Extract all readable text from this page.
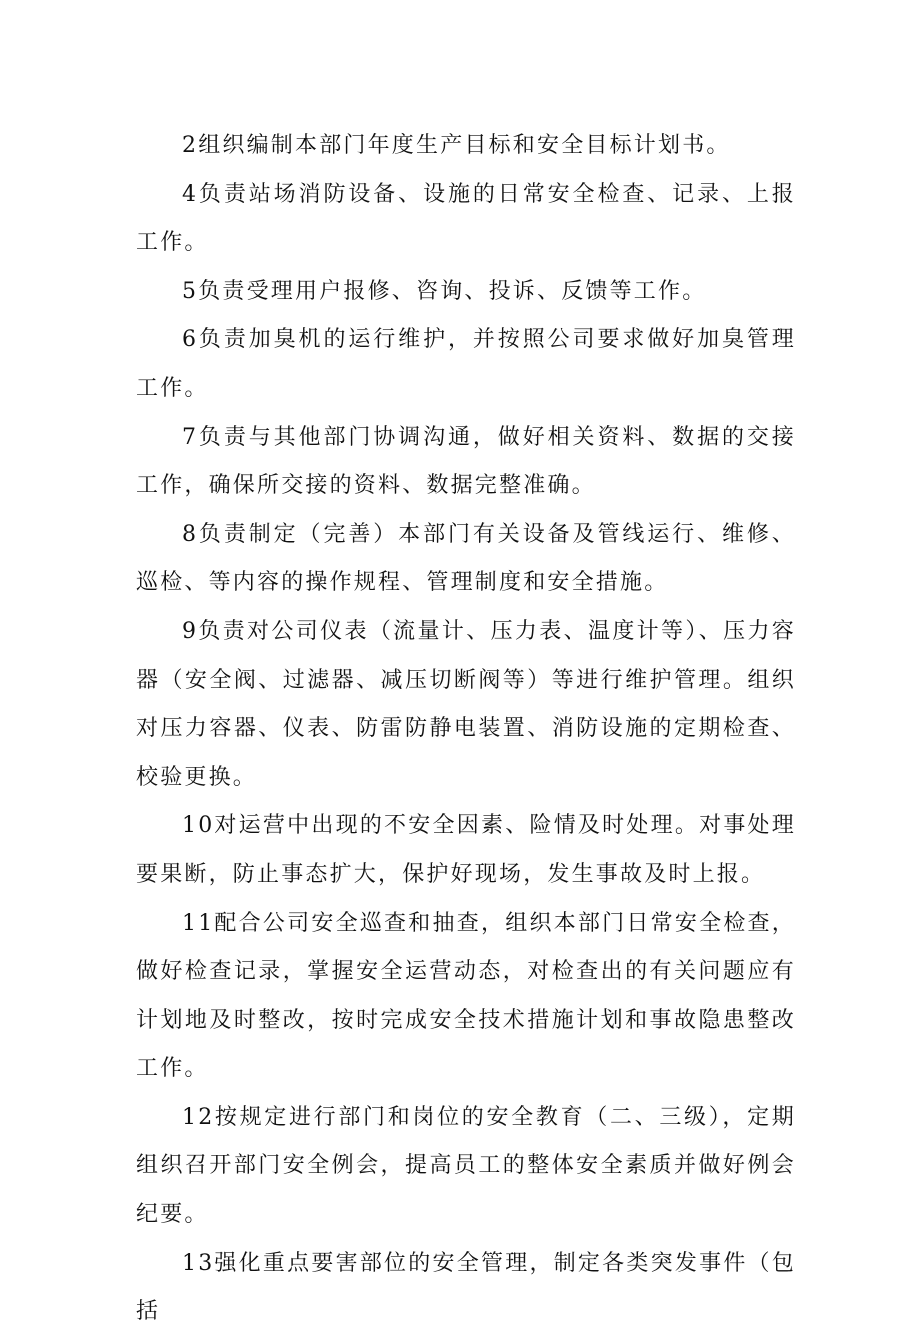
2组织编制本部门年度生产目标和安全目标计划书。

4负责站场消防设备、设施的日常安全检查、记录、上报工作。

5负责受理用户报修、咨询、投诉、反馈等工作。

6负责加臭机的运行维护，并按照公司要求做好加臭管理工作。

7负责与其他部门协调沟通，做好相关资料、数据的交接工作，确保所交接的资料、数据完整准确。

8负责制定（完善）本部门有关设备及管线运行、维修、巡检、等内容的操作规程、管理制度和安全措施。

9负责对公司仪表（流量计、压力表、温度计等）、压力容器（安全阀、过滤器、减压切断阀等）等进行维护管理。组织对压力容器、仪表、防雷防静电装置、消防设施的定期检查、校验更换。

10对运营中出现的不安全因素、险情及时处理。对事处理要果断，防止事态扩大，保护好现场，发生事故及时上报。

11配合公司安全巡查和抽查，组织本部门日常安全检查，做好检查记录，掌握安全运营动态，对检查出的有关问题应有计划地及时整改，按时完成安全技术措施计划和事故隐患整改工作。

12按规定进行部门和岗位的安全教育（二、三级），定期组织召开部门安全例会，提高员工的整体安全素质并做好例会纪要。

13强化重点要害部位的安全管理，制定各类突发事件（包括
